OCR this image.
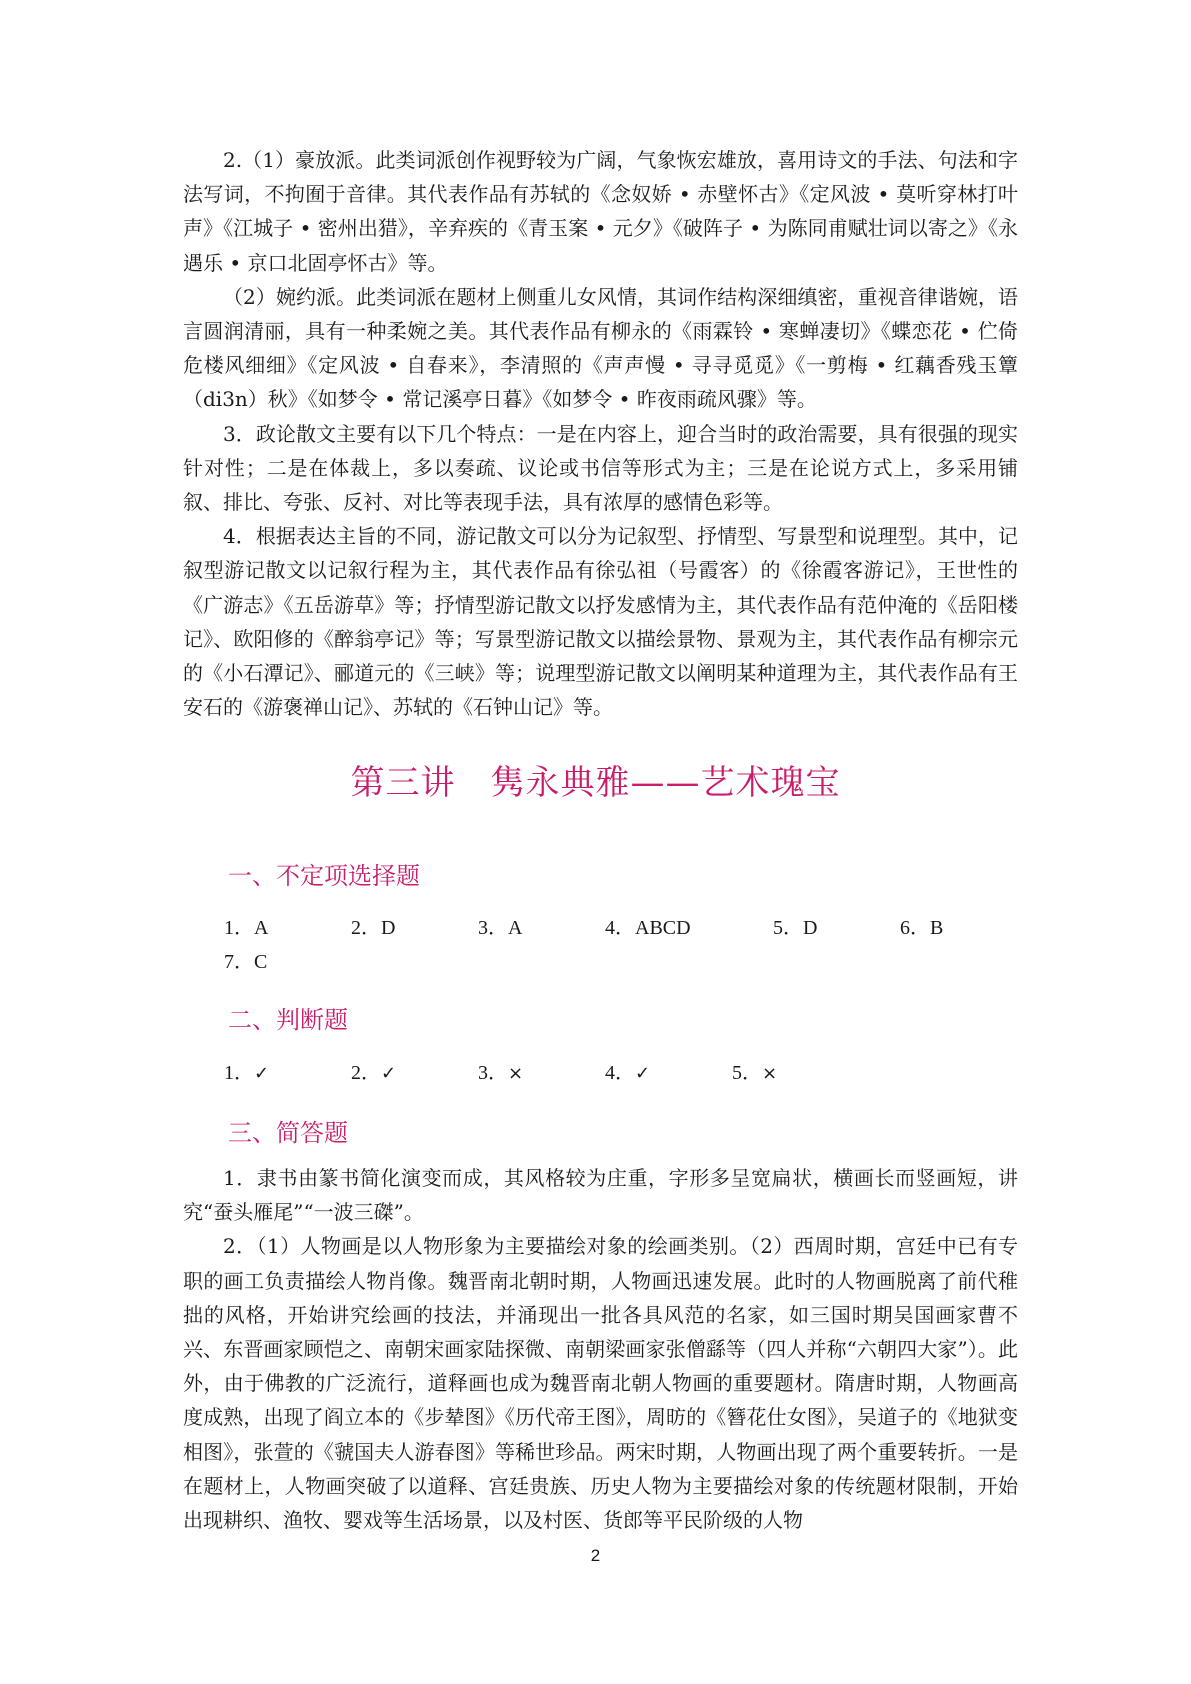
2.（1）豪放派。此类词派创作视野较为广阔，气象恢宏雄放，喜用诗文的手法、句法和字法写词，不拘囿于音律。其代表作品有苏轼的《念奴娇 • 赤壁怀古》《定风波 • 莫听穿林打叶声》《江城子 • 密州出猎》，辛弃疾的《青玉案 • 元夕》《破阵子 • 为陈同甫赋壮词以寄之》《永遇乐 • 京口北固亭怀古》等。

（2）婉约派。此类词派在题材上侧重儿女风情，其词作结构深细缜密，重视音律谐婉，语言圆润清丽，具有一种柔婉之美。其代表作品有柳永的《雨霖铃 • 寒蝉凄切》《蝶恋花 • 伫倚危楼风细细》《定风波 • 自春来》，李清照的《声声慢 • 寻寻觅觅》《一剪梅 • 红藕香残玉簟（di3n）秋》《如梦令 • 常记溪亭日暮》《如梦令 • 昨夜雨疏风骤》等。

3．政论散文主要有以下几个特点：一是在内容上，迎合当时的政治需要，具有很强的现实针对性；二是在体裁上，多以奏疏、议论或书信等形式为主；三是在论说方式上，多采用铺叙、排比、夸张、反衬、对比等表现手法，具有浓厚的感情色彩等。

4．根据表达主旨的不同，游记散文可以分为记叙型、抒情型、写景型和说理型。其中，记叙型游记散文以记叙行程为主，其代表作品有徐弘祖（号霞客）的《徐霞客游记》，王世性的《广游志》《五岳游草》等；抒情型游记散文以抒发感情为主，其代表作品有范仲淹的《岳阳楼记》、欧阳修的《醉翁亭记》等；写景型游记散文以描绘景物、景观为主，其代表作品有柳宗元的《小石潭记》、郦道元的《三峡》等；说理型游记散文以阐明某种道理为主，其代表作品有王安石的《游褒禅山记》、苏轼的《石钟山记》等。

第三讲　隽永典雅——艺术瑰宝
一、不定项选择题
1．A	2．D	3．A	4．ABCD	5．D	6．B
7．C
二、判断题
1．✓	2．✓	3．×	4．✓	5．×
三、简答题

1．隶书由篆书简化演变而成，其风格较为庄重，字形多呈宽扁状，横画长而竖画短，讲究“蚕头雁尾”“一波三磔”。

2．（1）人物画是以人物形象为主要描绘对象的绘画类别。（2）西周时期，宫廷中已有专职的画工负责描绘人物肖像。魏晋南北朝时期，人物画迅速发展。此时的人物画脱离了前代稚拙的风格，开始讲究绘画的技法，并涌现出一批各具风范的名家，如三国时期吴国画家曹不兴、东晋画家顾恺之、南朝宋画家陆探微、南朝梁画家张僧繇等（四人并称“六朝四大家”）。此外，由于佛教的广泛流行，道释画也成为魏晋南北朝人物画的重要题材。隋唐时期，人物画高度成熟，出现了阎立本的《步辇图》《历代帝王图》，周昉的《簪花仕女图》，吴道子的《地狱变相图》，张萱的《虢国夫人游春图》等稀世珍品。两宋时期，人物画出现了两个重要转折。一是在题材上，人物画突破了以道释、宫廷贵族、历史人物为主要描绘对象的传统题材限制，开始出现耕织、渔牧、婴戏等生活场景，以及村医、货郎等平民阶级的人物

2
